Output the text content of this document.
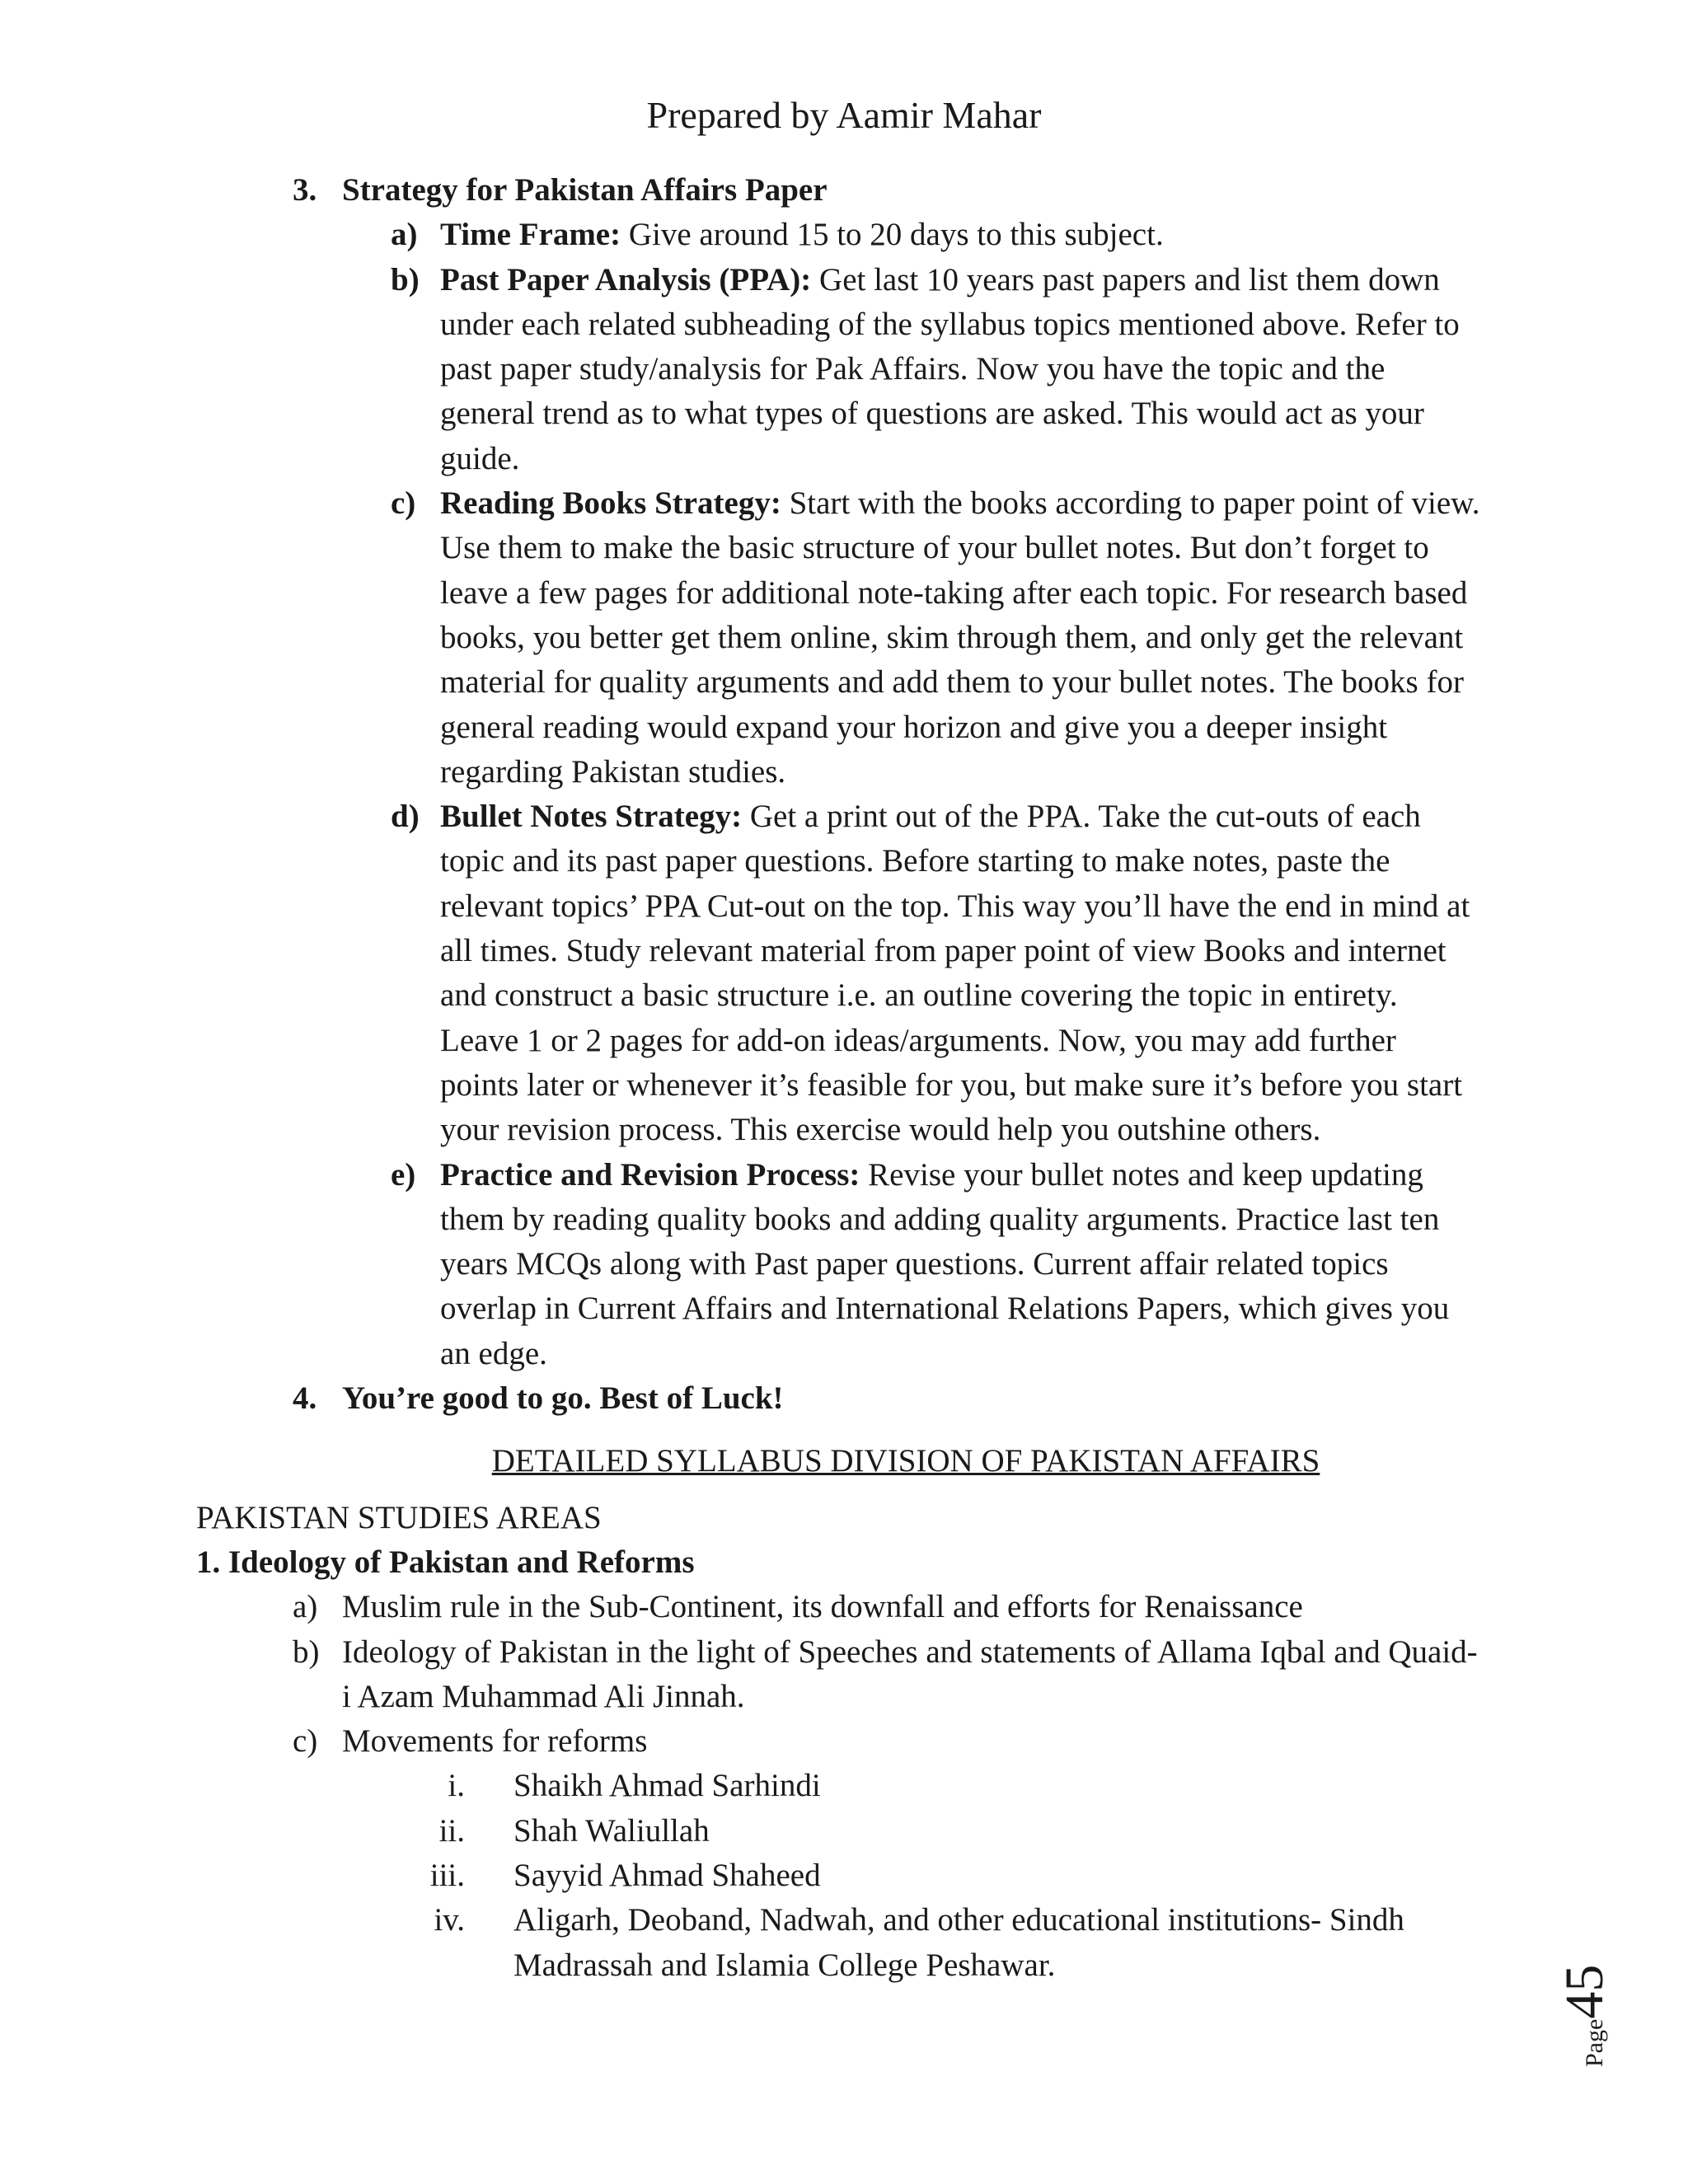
Prepared by Aamir Mahar
3. Strategy for Pakistan Affairs Paper
a) Time Frame: Give around 15 to 20 days to this subject.
b) Past Paper Analysis (PPA): Get last 10 years past papers and list them down under each related subheading of the syllabus topics mentioned above. Refer to past paper study/analysis for Pak Affairs. Now you have the topic and the general trend as to what types of questions are asked. This would act as your guide.
c) Reading Books Strategy: Start with the books according to paper point of view. Use them to make the basic structure of your bullet notes. But don’t forget to leave a few pages for additional note-taking after each topic. For research based books, you better get them online, skim through them, and only get the relevant material for quality arguments and add them to your bullet notes. The books for general reading would expand your horizon and give you a deeper insight regarding Pakistan studies.
d) Bullet Notes Strategy: Get a print out of the PPA. Take the cut-outs of each topic and its past paper questions. Before starting to make notes, paste the relevant topics’ PPA Cut-out on the top. This way you’ll have the end in mind at all times. Study relevant material from paper point of view Books and internet and construct a basic structure i.e. an outline covering the topic in entirety. Leave 1 or 2 pages for add-on ideas/arguments. Now, you may add further points later or whenever it’s feasible for you, but make sure it’s before you start your revision process. This exercise would help you outshine others.
e) Practice and Revision Process: Revise your bullet notes and keep updating them by reading quality books and adding quality arguments. Practice last ten years MCQs along with Past paper questions. Current affair related topics overlap in Current Affairs and International Relations Papers, which gives you an edge.
4. You’re good to go. Best of Luck!
DETAILED SYLLABUS DIVISION OF PAKISTAN AFFAIRS
PAKISTAN STUDIES AREAS
1. Ideology of Pakistan and Reforms
a) Muslim rule in the Sub-Continent, its downfall and efforts for Renaissance
b) Ideology of Pakistan in the light of Speeches and statements of Allama Iqbal and Quaid- i Azam Muhammad Ali Jinnah.
c) Movements for reforms
i. Shaikh Ahmad Sarhindi
ii. Shah Waliullah
iii. Sayyid Ahmad Shaheed
iv. Aligarh, Deoband, Nadwah, and other educational institutions- Sindh Madrassah and Islamia College Peshawar.
Page45
